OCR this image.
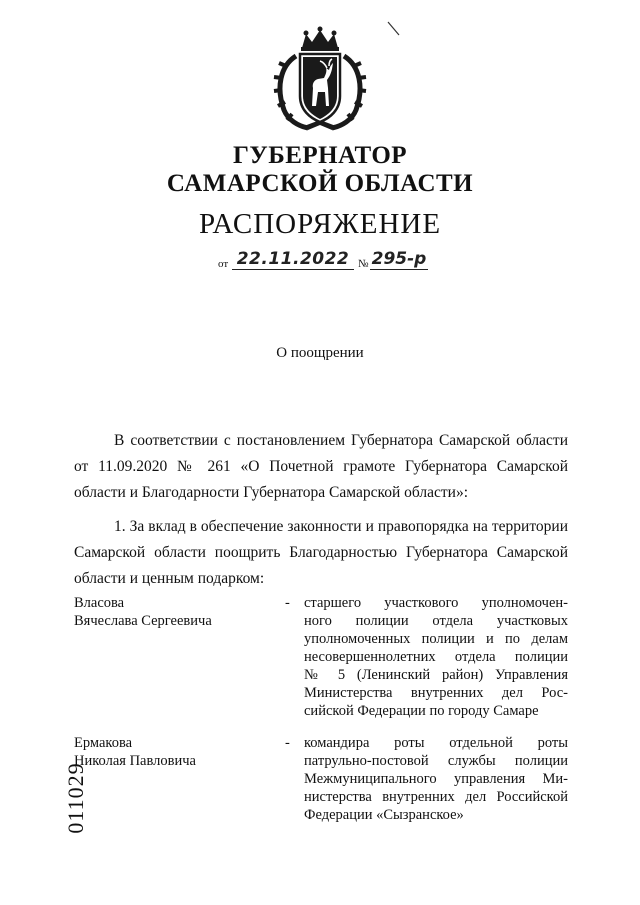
ГУБЕРНАТОР
САМАРСКОЙ ОБЛАСТИ
РАСПОРЯЖЕНИЕ
от 22.11.2022 № 295-р
О поощрении
В соответствии с постановлением Губернатора Самарской области от 11.09.2020 № 261 «О Почетной грамоте Губернатора Самарской области и Благодарности Губернатора Самарской области»:
1. За вклад в обеспечение законности и правопорядка на территории Самарской области поощрить Благодарностью Губернатора Самарской области и ценным подарком:
Власова
Вячеслава Сергеевича
- старшего участкового уполномочен-
ного полиции отдела участковых
уполномоченных полиции и по делам
несовершеннолетних отдела полиции
№ 5 (Ленинский район) Управления
Министерства внутренних дел Рос-
сийской Федерации по городу Самаре
Ермакова
Николая Павловича
- командира роты отдельной роты
патрульно-постовой службы полиции
Межмуниципального управления Ми-
нистерства внутренних дел Российской
Федерации «Сызранское»
011029
